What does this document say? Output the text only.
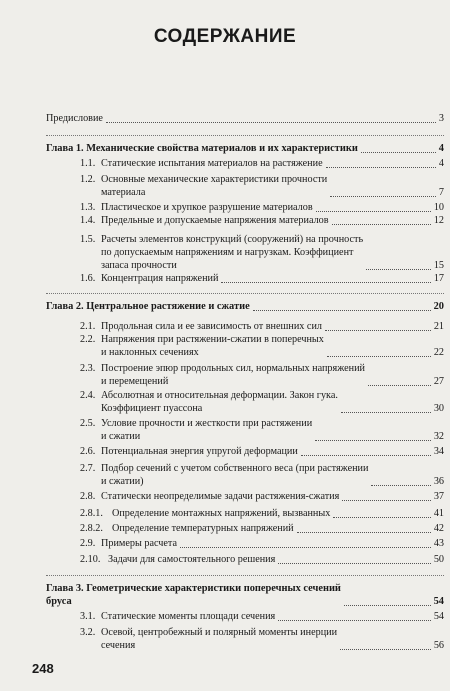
СОДЕРЖАНИЕ
Предисловие	3
Глава 1. Механические свойства материалов и их характеристики	4
1.1. Статические испытания материалов на растяжение	4
1.2. Основные механические характеристики прочности
материала	7
1.3. Пластическое и хрупкое разрушение материалов	10
1.4. Предельные и допускаемые напряжения материалов	12
1.5. Расчеты элементов конструкций (сооружений) на прочность
по допускаемым напряжениям и нагрузкам. Коэффициент
запаса прочности	15
1.6. Концентрация напряжений	17
Глава 2. Центральное растяжение и сжатие	20
2.1. Продольная сила и ее зависимость от внешних сил	21
2.2. Напряжения при растяжении-сжатии в поперечных
и наклонных сечениях	22
2.3. Построение эпюр продольных сил, нормальных напряжений
и перемещений	27
2.4. Абсолютная и относительная деформации. Закон гука.
Коэффициент пуассона	30
2.5. Условие прочности и жесткости при растяжении
и сжатии	32
2.6. Потенциальная энергия упругой деформации	34
2.7. Подбор сечений с учетом собственного веса (при растяжении
и сжатии)	36
2.8. Статически неопределимые задачи растяжения-сжатия	37
2.8.1. Определение монтажных напряжений, вызванных	41
2.8.2. Определение температурных напряжений	42
2.9. Примеры расчета	43
2.10. Задачи для самостоятельного решения	50
Глава 3. Геометрические характеристики поперечных сечений
бруса	54
3.1. Статические моменты площади сечения	54
3.2. Осевой, центробежный и полярный моменты инерции
сечения	56
248
